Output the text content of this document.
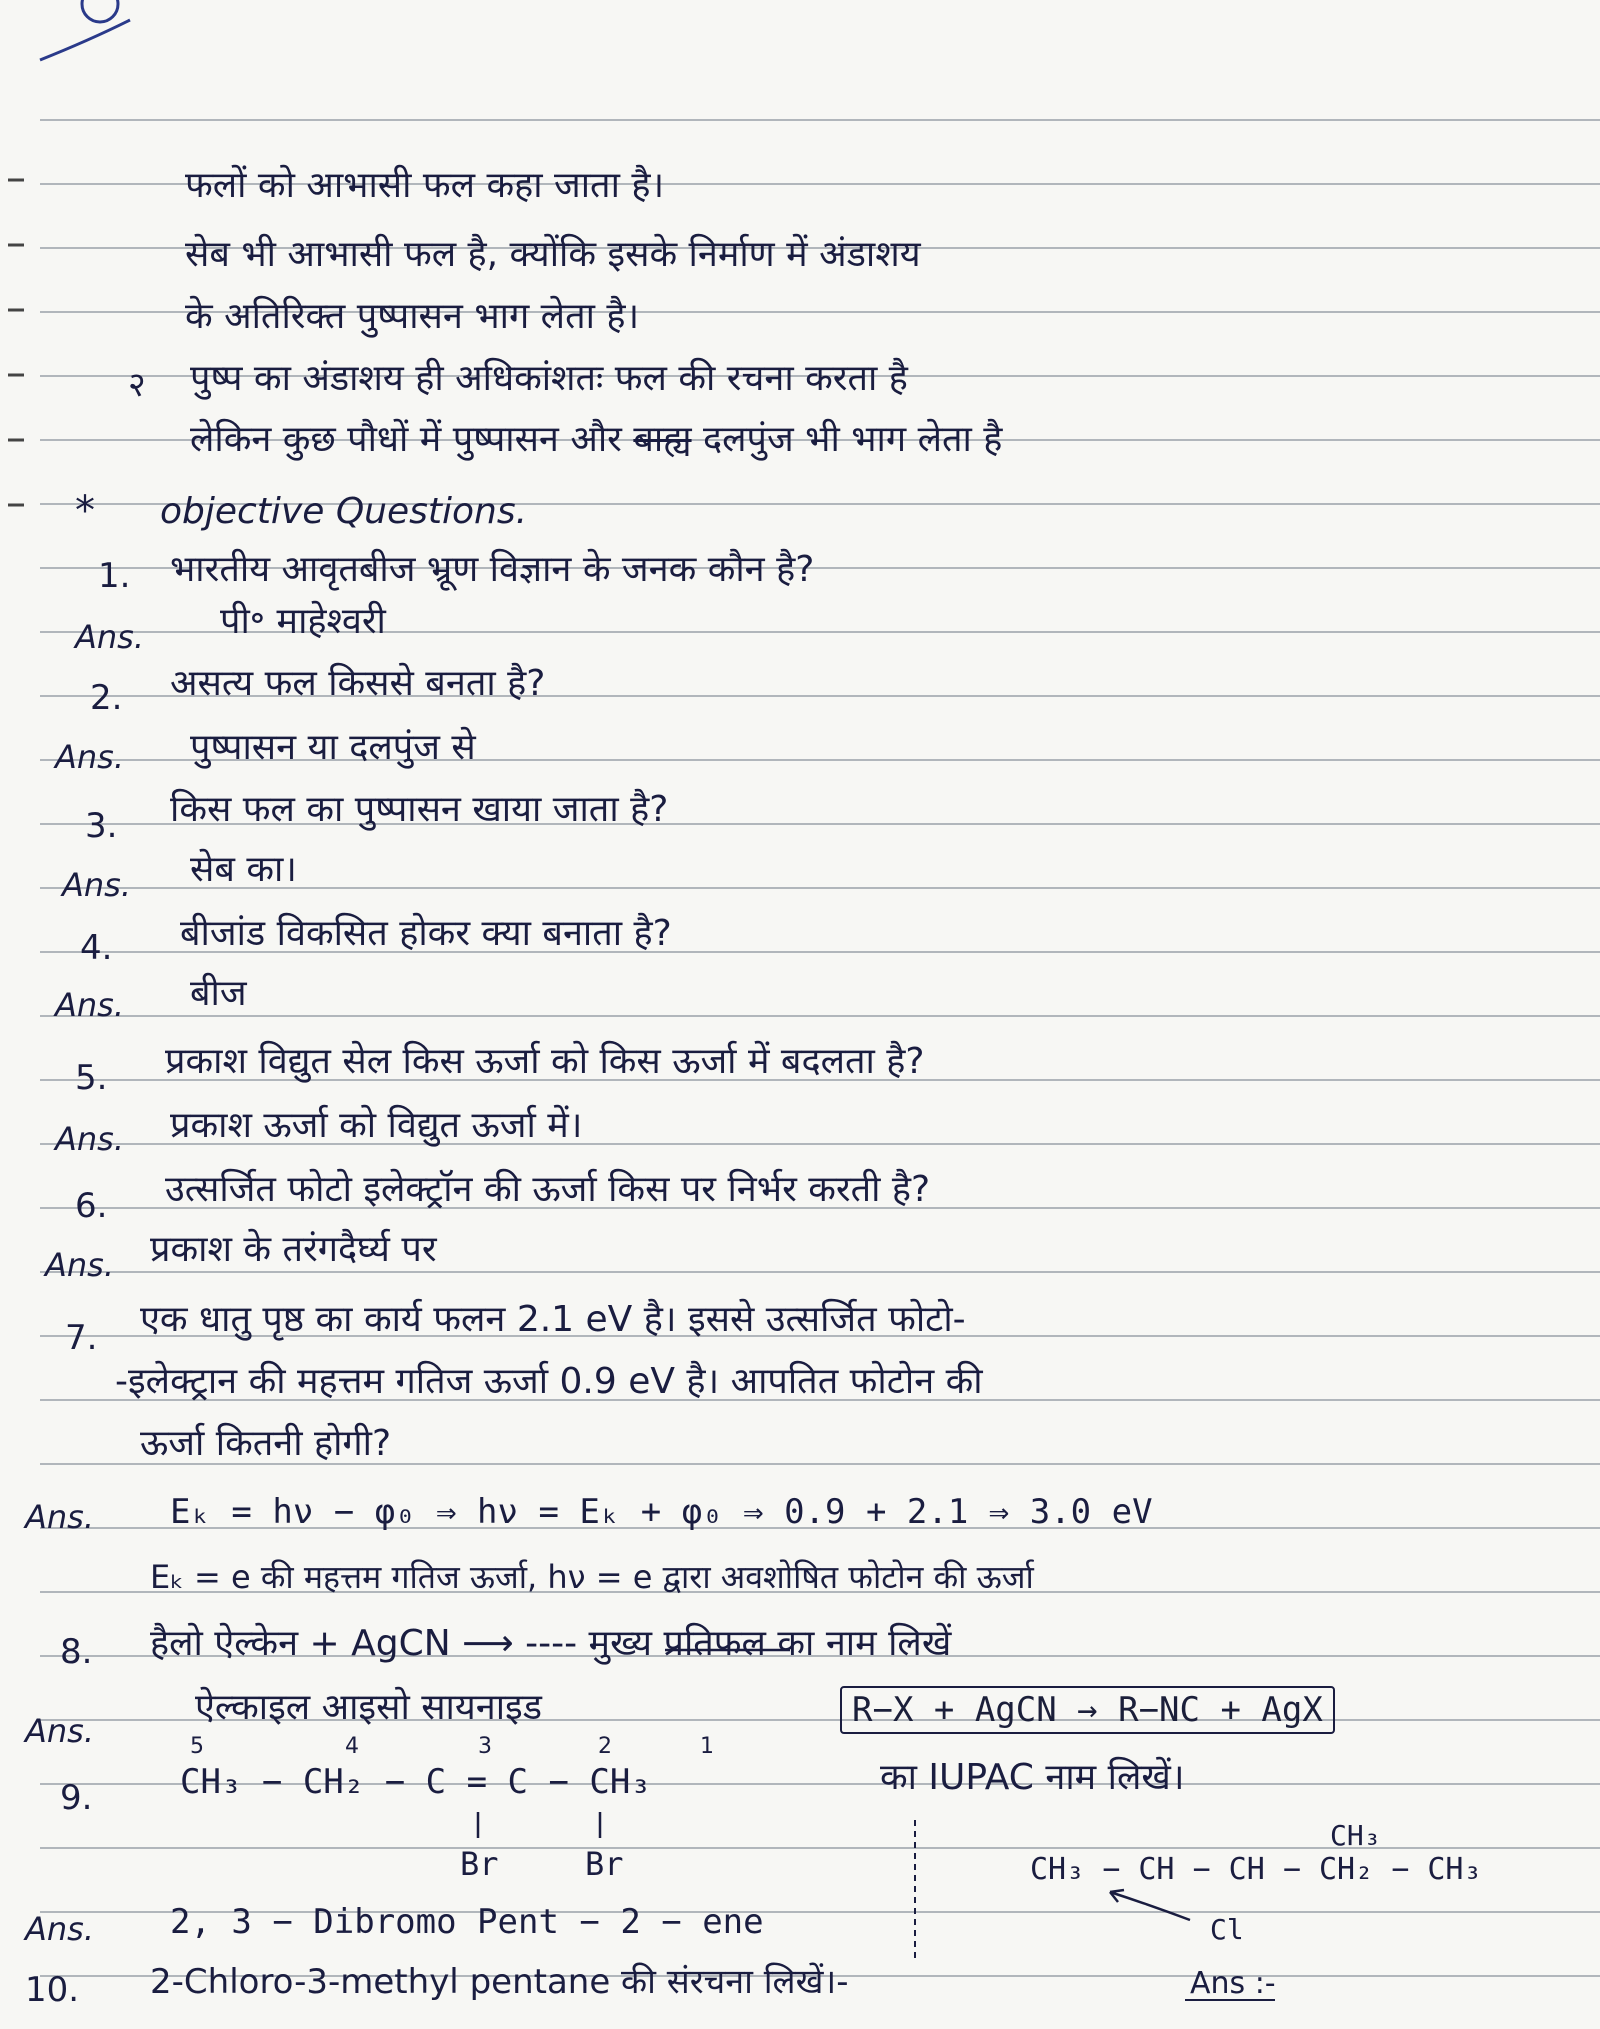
फलों को आभासी फल कहा जाता है।
सेब भी आभासी फल है, क्योंकि इसके निर्माण में अंडाशय
के अतिरिक्त पुष्पासन भाग लेता है।
२ पुष्प का अंडाशय ही अधिकांशतः फल की रचना करता है
लेकिन कुछ पौधों में पुष्पासन और बाह्य दलपुंज भी भाग लेता है
* objective Questions.
1. भारतीय आवृतबीज भ्रूण विज्ञान के जनक कौन है?
Ans. पी॰ माहेश्वरी
2. असत्य फल किससे बनता है?
Ans. पुष्पासन या दलपुंज से
3. किस फल का पुष्पासन खाया जाता है?
Ans. सेब का।
4. बीजांड विकसित होकर क्या बनाता है?
Ans. बीज
5. प्रकाश विद्युत सेल किस ऊर्जा को किस ऊर्जा में बदलता है?
Ans. प्रकाश ऊर्जा को विद्युत ऊर्जा में।
6. उत्सर्जित फोटो इलेक्ट्रॉन की ऊर्जा किस पर निर्भर करती है?
Ans. प्रकाश के तरंगदैर्घ्य पर
7. एक धातु पृष्ठ का कार्य फलन 2.1 eV है। इससे उत्सर्जित फोटो-
-इलेक्ट्रान की महत्तम गतिज ऊर्जा 0.9 eV है। आपतित फोटोन की
ऊर्जा कितनी होगी?
Ans. Eₖ = hν − φ₀ ⇒ hν = Eₖ + φ₀ ⇒ 0.9 + 2.1 ⇒ 3.0 eV
Eₖ = e की महत्तम गतिज ऊर्जा, hν = e द्वारा अवशोषित फोटोन की ऊर्जा
8. हैलो ऐल्केन + AgCN ⟶ ---- मुख्य प्रतिफल का नाम लिखें
Ans.
ऐल्काइल आइसो सायनाइड	R−X + AgCN → R−NC + AgX
5	4	3	2	1
9.	CH₃ − CH₂ − C = C − CH₃	का IUPAC नाम लिखें।
Br	Br
Ans. 2, 3 − Dibromo Pent − 2 − ene
CH₃
CH₃ − CH − CH − CH₂ − CH₃
Cl
10. 2-Chloro-3-methyl pentane की संरचना लिखें।-	Ans :-
